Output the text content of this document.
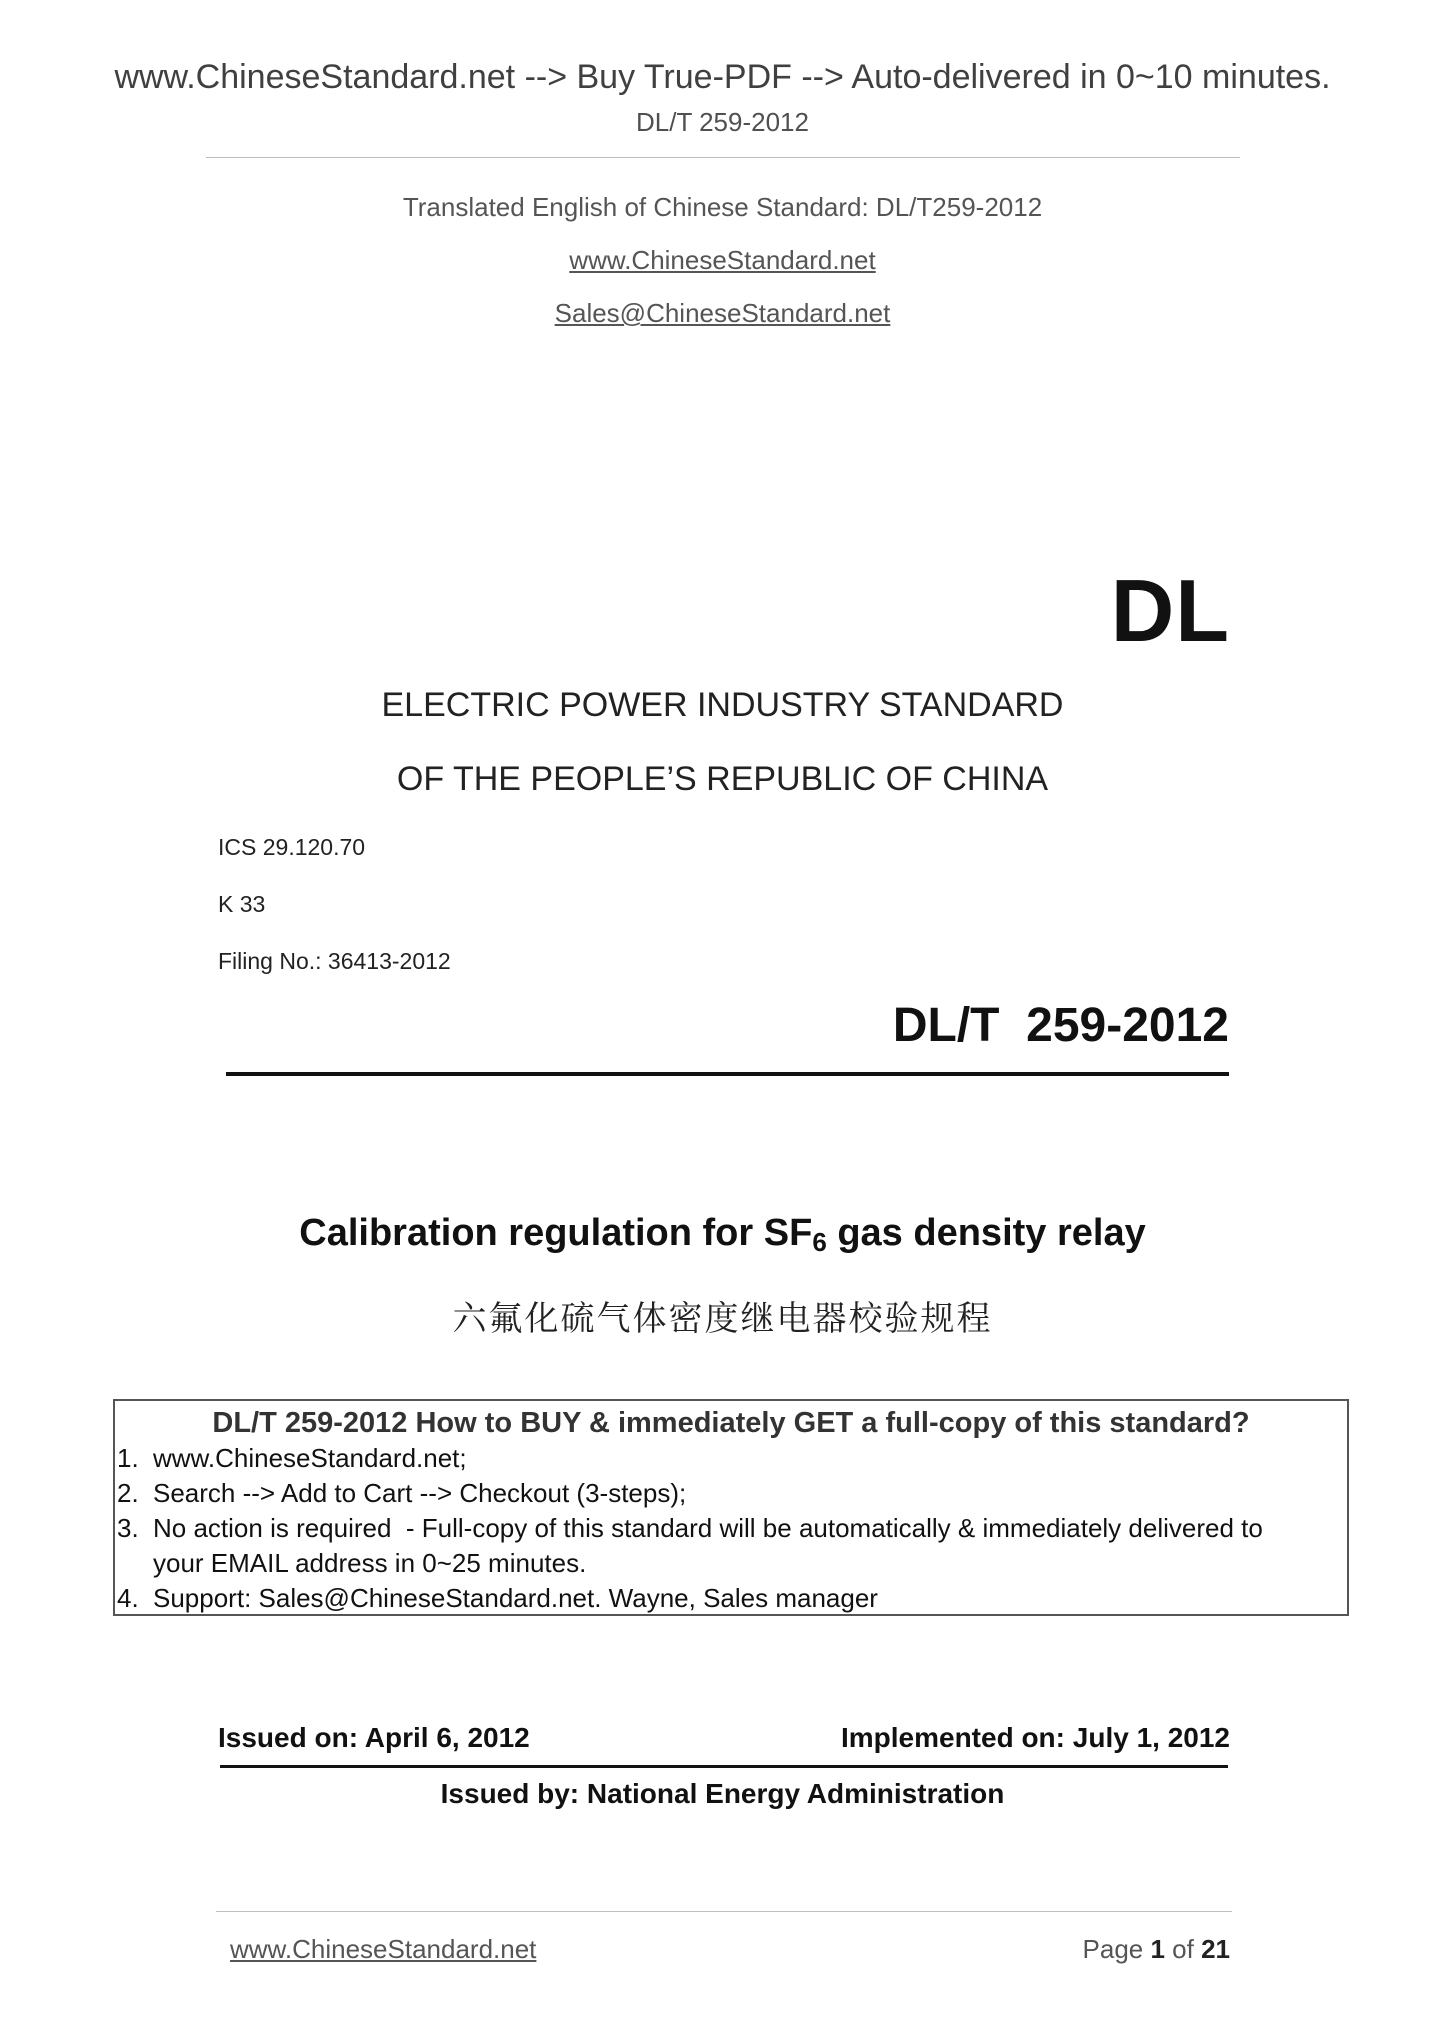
www.ChineseStandard.net --> Buy True-PDF --> Auto-delivered in 0~10 minutes.
DL/T 259-2012
Translated English of Chinese Standard: DL/T259-2012
www.ChineseStandard.net
Sales@ChineseStandard.net
DL
ELECTRIC POWER INDUSTRY STANDARD
OF THE PEOPLE’S REPUBLIC OF CHINA
ICS 29.120.70
K 33
Filing No.: 36413-2012
DL/T  259-2012
Calibration regulation for $SF_6$ gas density relay
六氟化硫气体密度继电器校验规程
DL/T 259-2012 How to BUY & immediately GET a full-copy of this standard?
1. www.ChineseStandard.net;
2. Search --> Add to Cart --> Checkout (3-steps);
3. No action is required  - Full-copy of this standard will be automatically & immediately delivered to
your EMAIL address in 0~25 minutes.
4. Support: Sales@ChineseStandard.net. Wayne, Sales manager
Issued on: April 6, 2012	Implemented on: July 1, 2012
Issued by: National Energy Administration
www.ChineseStandard.net	Page 1 of 21
